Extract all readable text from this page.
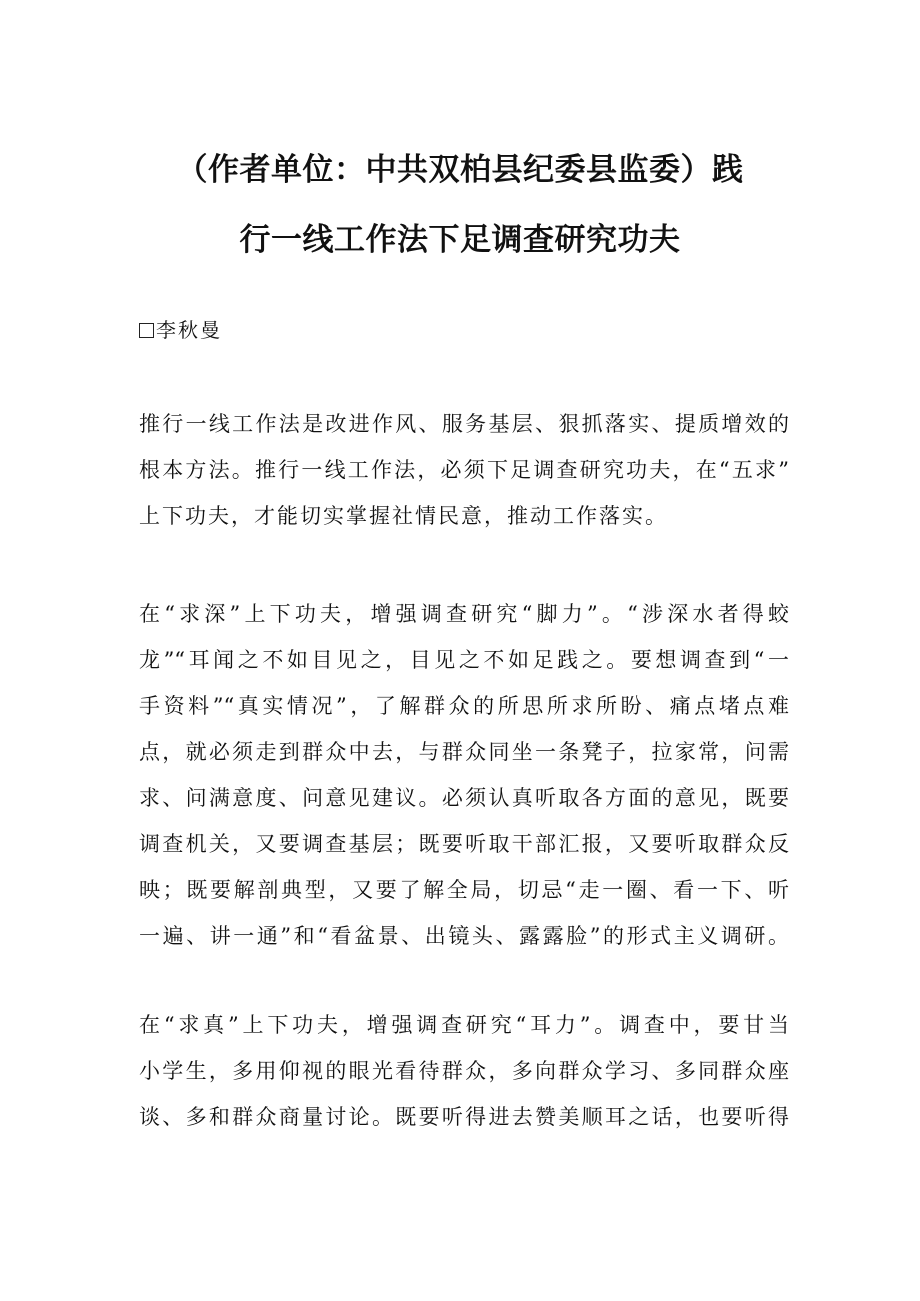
（作者单位：中共双柏县纪委县监委）践
行一线工作法下足调查研究功夫
李秋曼
推行一线工作法是改进作风、服务基层、狠抓落实、提质增效的
根本方法。推行一线工作法，必须下足调查研究功夫，在“五求”
上下功夫，才能切实掌握社情民意，推动工作落实。
在“求深”上下功夫，增强调查研究“脚力”。“涉深水者得蛟
龙”“耳闻之不如目见之，目见之不如足践之。要想调查到“一
手资料”“真实情况”，了解群众的所思所求所盼、痛点堵点难
点，就必须走到群众中去，与群众同坐一条凳子，拉家常，问需
求、问满意度、问意见建议。必须认真听取各方面的意见，既要
调查机关，又要调查基层；既要听取干部汇报，又要听取群众反
映；既要解剖典型，又要了解全局，切忌“走一圈、看一下、听
一遍、讲一通”和“看盆景、出镜头、露露脸”的形式主义调研。
在“求真”上下功夫，增强调查研究“耳力”。调查中，要甘当
小学生，多用仰视的眼光看待群众，多向群众学习、多同群众座
谈、多和群众商量讨论。既要听得进去赞美顺耳之话，也要听得
